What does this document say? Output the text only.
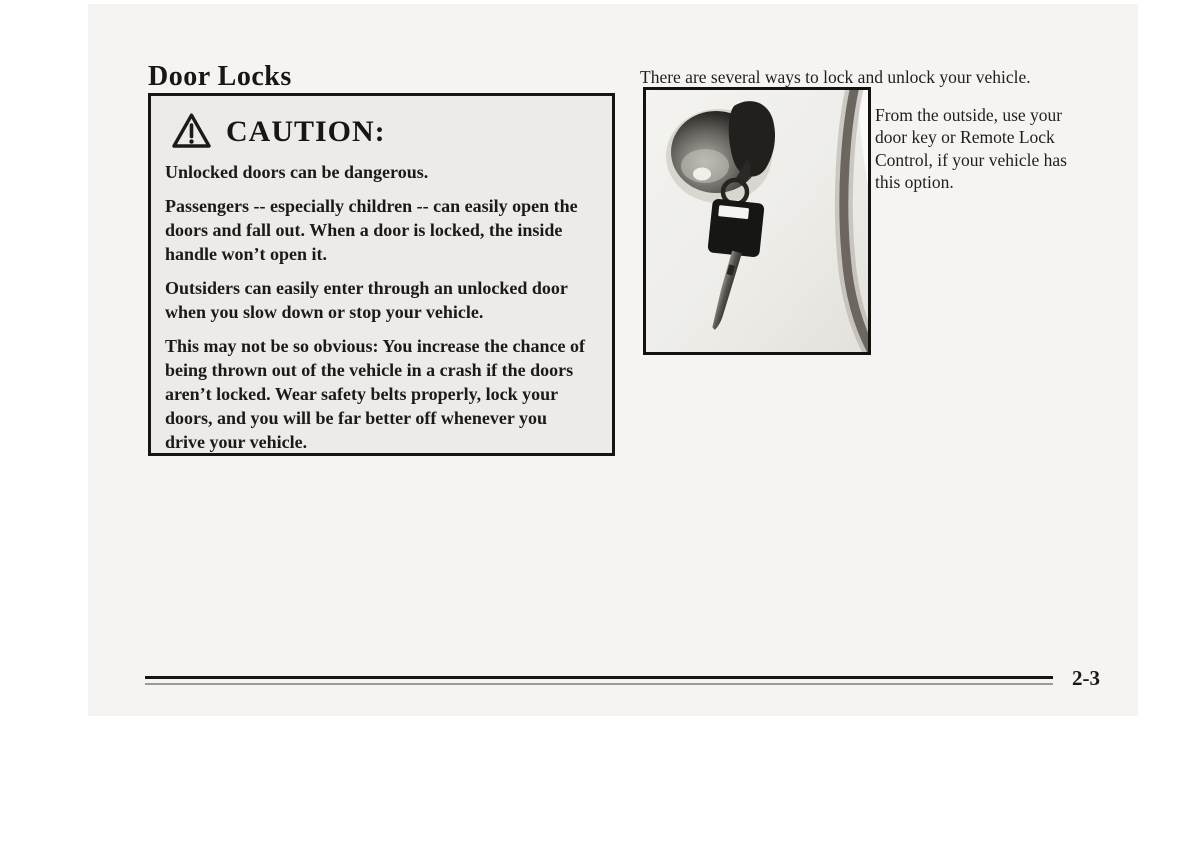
Door Locks
CAUTION:

Unlocked doors can be dangerous.

Passengers -- especially children -- can easily open the doors and fall out. When a door is locked, the inside handle won’t open it.

Outsiders can easily enter through an unlocked door when you slow down or stop your vehicle.

This may not be so obvious: You increase the chance of being thrown out of the vehicle in a crash if the doors aren’t locked. Wear safety belts properly, lock your doors, and you will be far better off whenever you drive your vehicle.

There are several ways to lock and unlock your vehicle.

From the outside, use your door key or Remote Lock Control, if your vehicle has this option.

2-3
